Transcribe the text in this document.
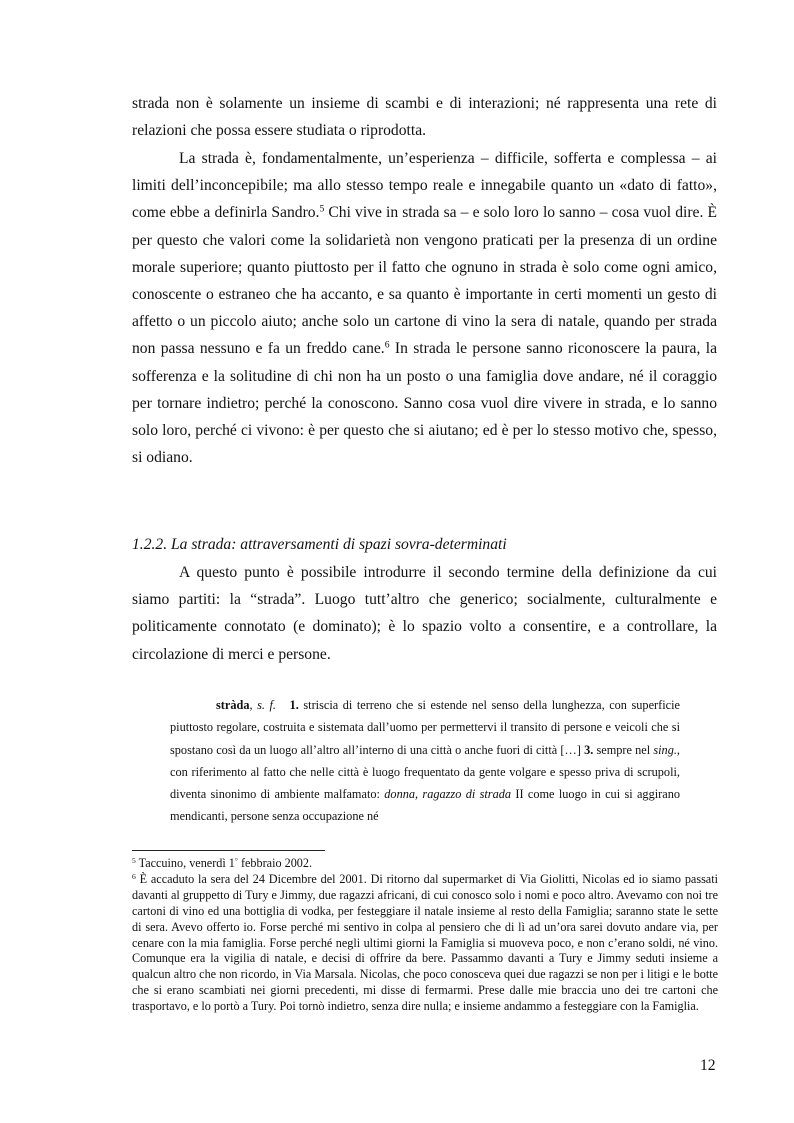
strada non è solamente un insieme di scambi e di interazioni; né rappresenta una rete di relazioni che possa essere studiata o riprodotta.

La strada è, fondamentalmente, un’esperienza – difficile, sofferta e complessa – ai limiti dell’inconcepibile; ma allo stesso tempo reale e innegabile quanto un «dato di fatto», come ebbe a definirla Sandro.$^5$ Chi vive in strada sa – e solo loro lo sanno – cosa vuol dire. È per questo che valori come la solidarietà non vengono praticati per la presenza di un ordine morale superiore; quanto piuttosto per il fatto che ognuno in strada è solo come ogni amico, conoscente o estraneo che ha accanto, e sa quanto è importante in certi momenti un gesto di affetto o un piccolo aiuto; anche solo un cartone di vino la sera di natale, quando per strada non passa nessuno e fa un freddo cane.$^6$ In strada le persone sanno riconoscere la paura, la sofferenza e la solitudine di chi non ha un posto o una famiglia dove andare, né il coraggio per tornare indietro; perché la conoscono. Sanno cosa vuol dire vivere in strada, e lo sanno solo loro, perché ci vivono: è per questo che si aiutano; ed è per lo stesso motivo che, spesso, si odiano.

1.2.2. La strada: attraversamenti di spazi sovra-determinati

A questo punto è possibile introdurre il secondo termine della definizione da cui siamo partiti: la “strada”. Luogo tutt’altro che generico; socialmente, culturalmente e politicamente connotato (e dominato); è lo spazio volto a consentire, e a controllare, la circolazione di merci e persone.

stràda, s. f. 1. striscia di terreno che si estende nel senso della lunghezza, con superficie piuttosto regolare, costruita e sistemata dall’uomo per permettervi il transito di persone e veicoli che si spostano così da un luogo all’altro all’interno di una città o anche fuori di città […] 3. sempre nel sing., con riferimento al fatto che nelle città è luogo frequentato da gente volgare e spesso priva di scrupoli, diventa sinonimo di ambiente malfamato: donna, ragazzo di strada II come luogo in cui si aggirano mendicanti, persone senza occupazione né

$^5$ Taccuino, venerdì 1° febbraio 2002.

$^6$ È accaduto la sera del 24 Dicembre del 2001. Di ritorno dal supermarket di Via Giolitti, Nicolas ed io siamo passati davanti al gruppetto di Tury e Jimmy, due ragazzi africani, di cui conosco solo i nomi e poco altro. Avevamo con noi tre cartoni di vino ed una bottiglia di vodka, per festeggiare il natale insieme al resto della Famiglia; saranno state le sette di sera. Avevo offerto io. Forse perché mi sentivo in colpa al pensiero che di lì ad un’ora sarei dovuto andare via, per cenare con la mia famiglia. Forse perché negli ultimi giorni la Famiglia si muoveva poco, e non c’erano soldi, né vino. Comunque era la vigilia di natale, e decisi di offrire da bere. Passammo davanti a Tury e Jimmy seduti insieme a qualcun altro che non ricordo, in Via Marsala. Nicolas, che poco conosceva quei due ragazzi se non per i litigi e le botte che si erano scambiati nei giorni precedenti, mi disse di fermarmi. Prese dalle mie braccia uno dei tre cartoni che trasportavo, e lo portò a Tury. Poi tornò indietro, senza dire nulla; e insieme andammo a festeggiare con la Famiglia.

12
